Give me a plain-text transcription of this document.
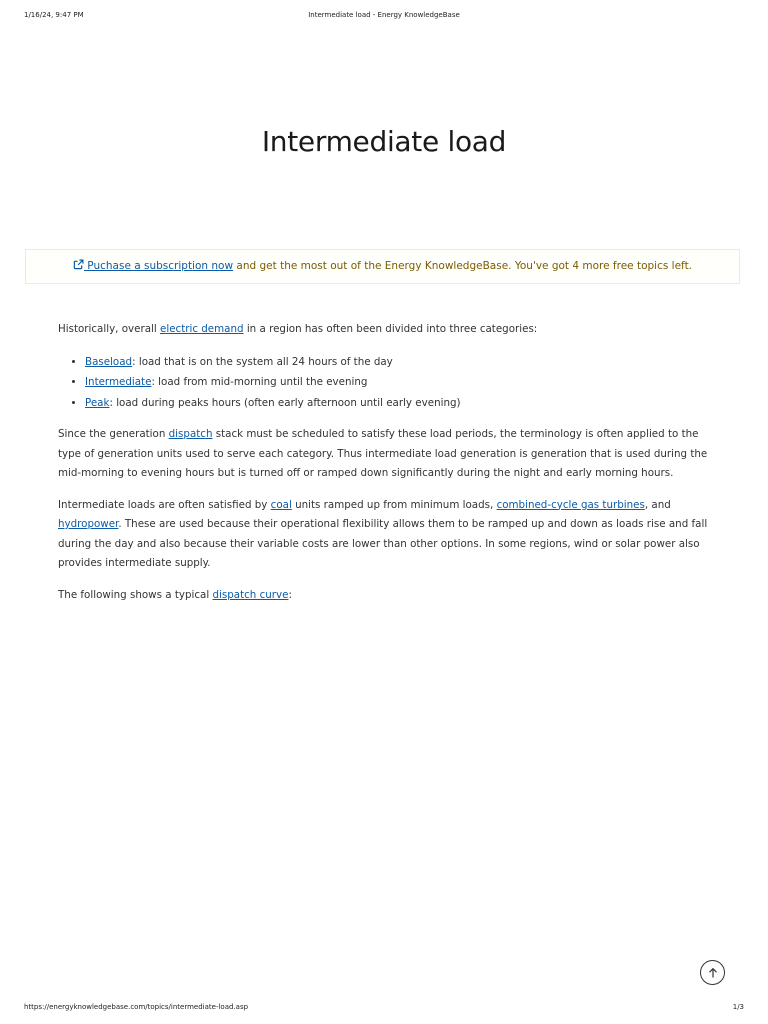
1/16/24, 9:47 PM	Intermediate load - Energy KnowledgeBase
Intermediate load
Puchase a subscription now and get the most out of the Energy KnowledgeBase. You've got 4 more free topics left.

Historically, overall electric demand in a region has often been divided into three categories:

• Baseload: load that is on the system all 24 hours of the day
• Intermediate: load from mid-morning until the evening
• Peak: load during peaks hours (often early afternoon until early evening)

Since the generation dispatch stack must be scheduled to satisfy these load periods, the terminology is often applied to the type of generation units used to serve each category. Thus intermediate load generation is generation that is used during the mid-morning to evening hours but is turned off or ramped down significantly during the night and early morning hours.

Intermediate loads are often satisfied by coal units ramped up from minimum loads, combined-cycle gas turbines, and hydropower. These are used because their operational flexibility allows them to be ramped up and down as loads rise and fall during the day and also because their variable costs are lower than other options. In some regions, wind or solar power also provides intermediate supply.

The following shows a typical dispatch curve:

https://energyknowledgebase.com/topics/intermediate-load.asp	1/3
